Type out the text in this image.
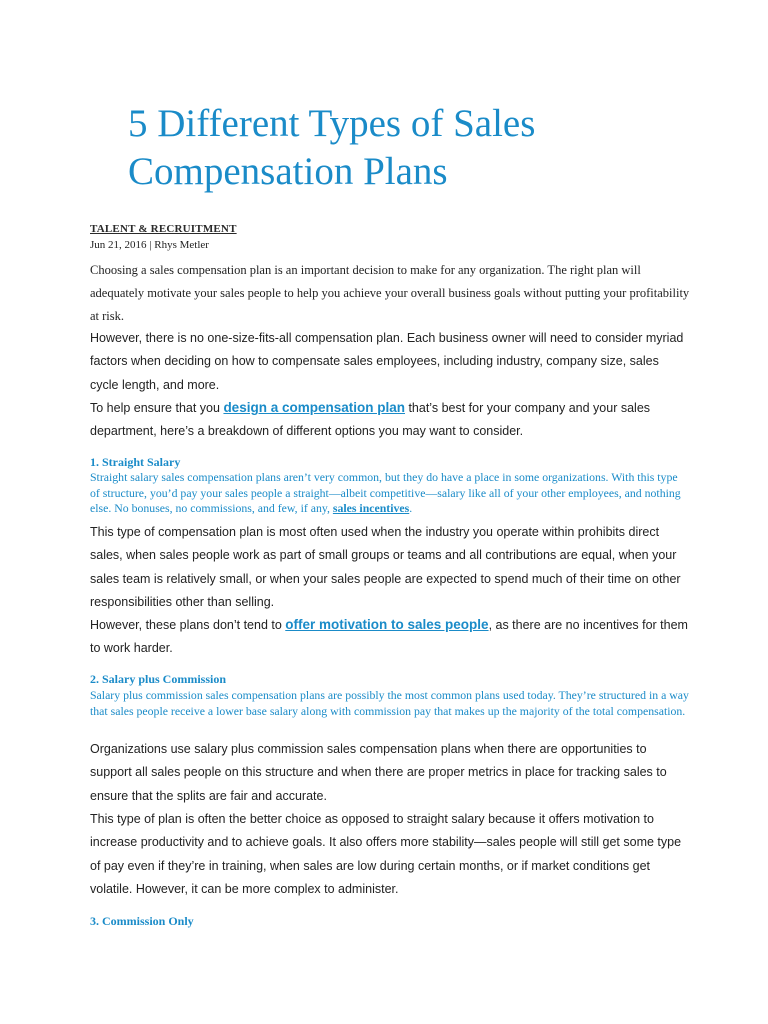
5 Different Types of Sales Compensation Plans
TALENT & RECRUITMENT
Jun 21, 2016 | Rhys Metler

Choosing a sales compensation plan is an important decision to make for any organization. The right plan will adequately motivate your sales people to help you achieve your overall business goals without putting your profitability at risk.

However, there is no one-size-fits-all compensation plan. Each business owner will need to consider myriad factors when deciding on how to compensate sales employees, including industry, company size, sales cycle length, and more.

To help ensure that you design a compensation plan that’s best for your company and your sales department, here’s a breakdown of different options you may want to consider.

1. Straight Salary

Straight salary sales compensation plans aren’t very common, but they do have a place in some organizations. With this type of structure, you’d pay your sales people a straight—albeit competitive—salary like all of your other employees, and nothing else. No bonuses, no commissions, and few, if any, sales incentives.

This type of compensation plan is most often used when the industry you operate within prohibits direct sales, when sales people work as part of small groups or teams and all contributions are equal, when your sales team is relatively small, or when your sales people are expected to spend much of their time on other responsibilities other than selling.

However, these plans don’t tend to offer motivation to sales people, as there are no incentives for them to work harder.

2. Salary plus Commission

Salary plus commission sales compensation plans are possibly the most common plans used today. They’re structured in a way that sales people receive a lower base salary along with commission pay that makes up the majority of the total compensation.

Organizations use salary plus commission sales compensation plans when there are opportunities to support all sales people on this structure and when there are proper metrics in place for tracking sales to ensure that the splits are fair and accurate.

This type of plan is often the better choice as opposed to straight salary because it offers motivation to increase productivity and to achieve goals. It also offers more stability—sales people will still get some type of pay even if they’re in training, when sales are low during certain months, or if market conditions get volatile. However, it can be more complex to administer.

3. Commission Only
